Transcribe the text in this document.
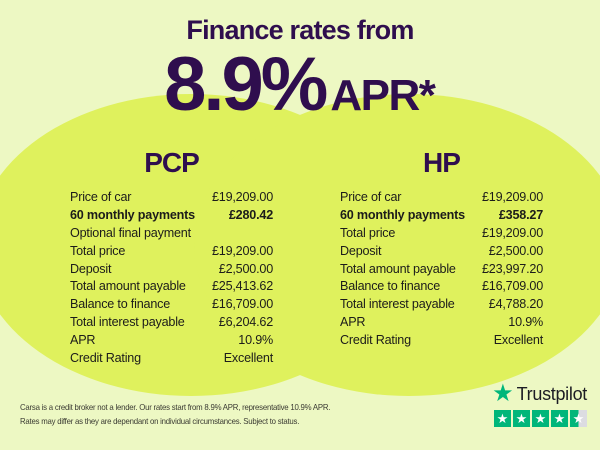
Finance rates from
8.9% APR *
PCP
Price of car	£19,209.00
60 monthly payments	£280.42
Optional final payment
Total price	£19,209.00
Deposit	£2,500.00
Total amount payable £25,413.62
Balance to finance	£16,709.00
Total interest payable	£6,204.62
APR	10.9%
Credit Rating	Excellent
HP
Price of car	£19,209.00
60 monthly payments	£358.27
Total price	£19,209.00
Deposit	£2,500.00
Total amount payable £23,997.20
Balance to finance	£16,709.00
Total interest payable	£4,788.20
APR	10.9%
Credit Rating	Excellent
Carsa is a credit broker not a lender. Our rates start from 8.9% APR, representative 10.9% APR.
Rates may differ as they are dependant on individual circumstances. Subject to status.
★ Trustpilot
★ ★ ★ ★ ★
